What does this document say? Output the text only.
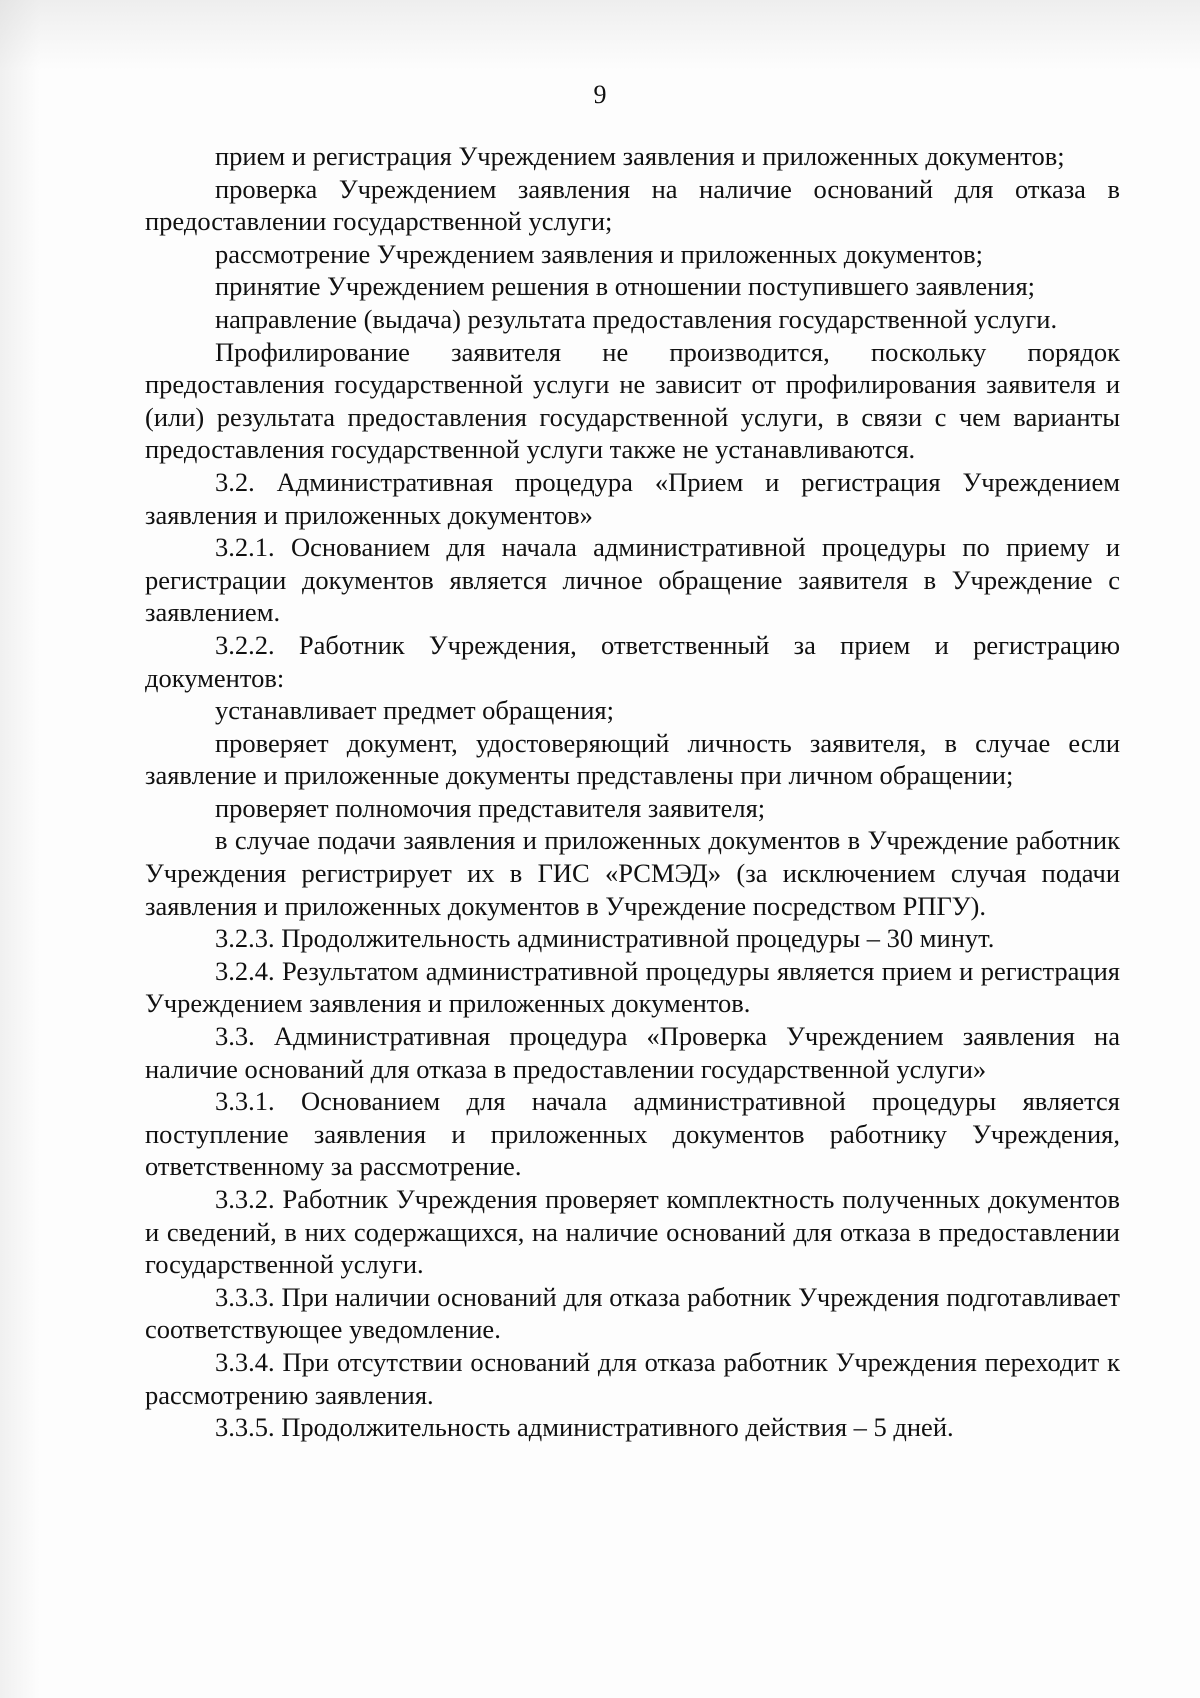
9

прием и регистрация Учреждением заявления и приложенных документов;

проверка Учреждением заявления на наличие оснований для отказа в предоставлении государственной услуги;

рассмотрение Учреждением заявления и приложенных документов;

принятие Учреждением решения в отношении поступившего заявления;

направление (выдача) результата предоставления государственной услуги.

Профилирование заявителя не производится, поскольку порядок предоставления государственной услуги не зависит от профилирования заявителя и (или) результата предоставления государственной услуги, в связи с чем варианты предоставления государственной услуги также не устанавливаются.

3.2. Административная процедура «Прием и регистрация Учреждением заявления и приложенных документов»

3.2.1. Основанием для начала административной процедуры по приему и регистрации документов является личное обращение заявителя в Учреждение с заявлением.

3.2.2. Работник Учреждения, ответственный за прием и регистрацию документов:

устанавливает предмет обращения;

проверяет документ, удостоверяющий личность заявителя, в случае если заявление и приложенные документы представлены при личном обращении;

проверяет полномочия представителя заявителя;

в случае подачи заявления и приложенных документов в Учреждение работник Учреждения регистрирует их в ГИС «РСМЭД» (за исключением случая подачи заявления и приложенных документов в Учреждение посредством РПГУ).

3.2.3. Продолжительность административной процедуры – 30 минут.

3.2.4. Результатом административной процедуры является прием и регистрация Учреждением заявления и приложенных документов.

3.3. Административная процедура «Проверка Учреждением заявления на наличие оснований для отказа в предоставлении государственной услуги»

3.3.1. Основанием для начала административной процедуры является поступление заявления и приложенных документов работнику Учреждения, ответственному за рассмотрение.

3.3.2. Работник Учреждения проверяет комплектность полученных документов и сведений, в них содержащихся, на наличие оснований для отказа в предоставлении государственной услуги.

3.3.3. При наличии оснований для отказа работник Учреждения подготавливает соответствующее уведомление.

3.3.4. При отсутствии оснований для отказа работник Учреждения переходит к рассмотрению заявления.

3.3.5. Продолжительность административного действия – 5 дней.
